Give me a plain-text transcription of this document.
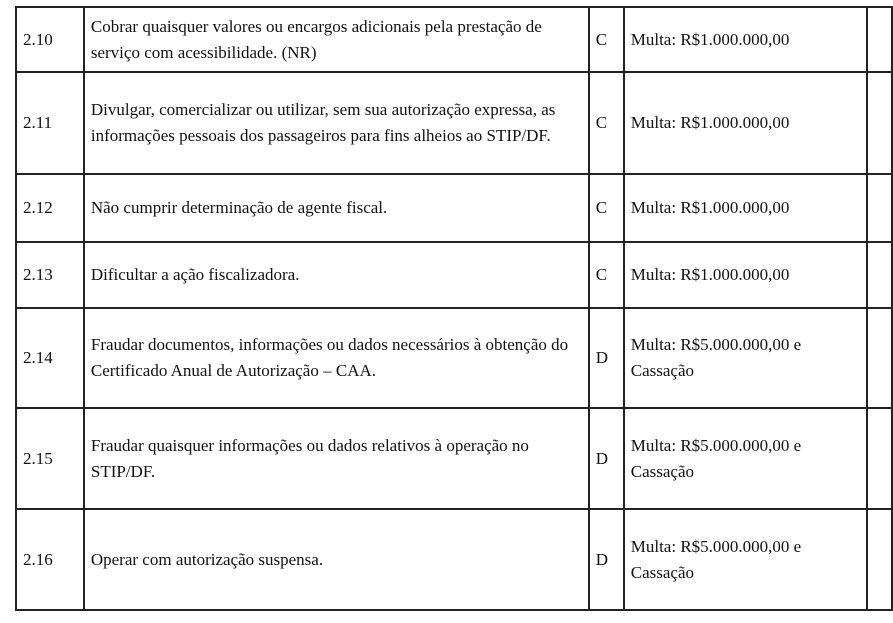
2.10	Cobrar quaisquer valores ou encargos adicionais pela prestação de serviço com acessibilidade. (NR)	C	Multa: R$1.000.000,00	
2.11	Divulgar, comercializar ou utilizar, sem sua autorização expressa, as informações pessoais dos passageiros para fins alheios ao STIP/DF.	C	Multa: R$1.000.000,00	
2.12	Não cumprir determinação de agente fiscal.	C	Multa: R$1.000.000,00	
2.13	Dificultar a ação fiscalizadora.	C	Multa: R$1.000.000,00	
2.14	Fraudar documentos, informações ou dados necessários à obtenção do Certificado Anual de Autorização – CAA.	D	Multa: R$5.000.000,00 e Cassação	
2.15	Fraudar quaisquer informações ou dados relativos à operação no STIP/DF.	D	Multa: R$5.000.000,00 e Cassação	
2.16	Operar com autorização suspensa.	D	Multa: R$5.000.000,00 e Cassação	
